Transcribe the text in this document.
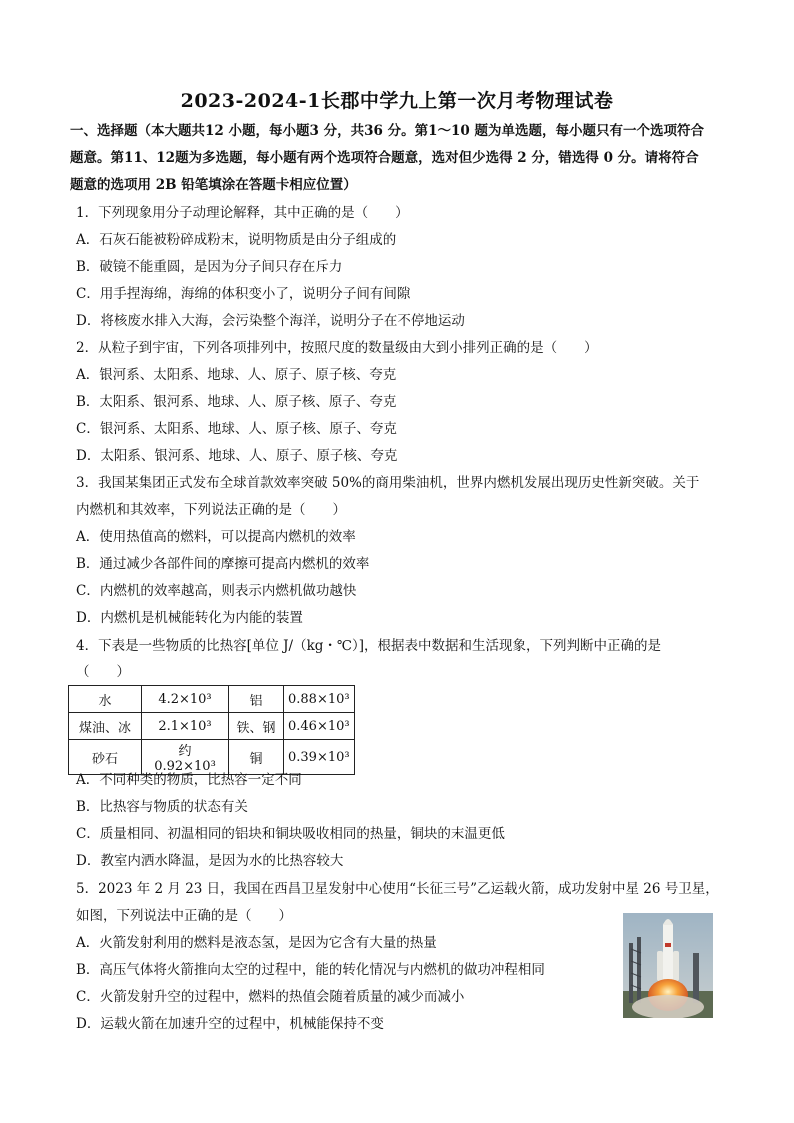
2023-2024-1长郡中学九上第一次月考物理试卷
一、选择题（本大题共12 小题，每小题3 分，共36 分。第1～10 题为单选题，每小题只有一个选项符合
题意。第11、12题为多选题，每小题有两个选项符合题意，选对但少选得 2 分，错选得 0 分。请将符合
题意的选项用 2B 铅笔填涂在答题卡相应位置）
1．下列现象用分子动理论解释，其中正确的是（　　）
A．石灰石能被粉碎成粉末，说明物质是由分子组成的
B．破镜不能重圆，是因为分子间只存在斥力
C．用手捏海绵，海绵的体积变小了，说明分子间有间隙
D．将核废水排入大海，会污染整个海洋，说明分子在不停地运动
2．从粒子到宇宙，下列各项排列中，按照尺度的数量级由大到小排列正确的是（　　）
A．银河系、太阳系、地球、人、原子、原子核、夸克
B．太阳系、银河系、地球、人、原子核、原子、夸克
C．银河系、太阳系、地球、人、原子核、原子、夸克
D．太阳系、银河系、地球、人、原子、原子核、夸克
3．我国某集团正式发布全球首款效率突破 50%的商用柴油机，世界内燃机发展出现历史性新突破。关于
内燃机和其效率，下列说法正确的是（　　）
A．使用热值高的燃料，可以提高内燃机的效率
B．通过减少各部件间的摩擦可提高内燃机的效率
C．内燃机的效率越高，则表示内燃机做功越快
D．内燃机是机械能转化为内能的装置
4．下表是一些物质的比热容[单位 J/（kg・℃）]，根据表中数据和生活现象，下列判断中正确的是
（　　）
水	4.2×10³	铝	0.88×10³
煤油、冰	2.1×10³	铁、钢	0.46×10³
砂石	约 0.92×10³	铜	0.39×10³
A．不同种类的物质，比热容一定不同
B．比热容与物质的状态有关
C．质量相同、初温相同的铝块和铜块吸收相同的热量，铜块的末温更低
D．教室内洒水降温，是因为水的比热容较大
5．2023 年 2 月 23 日，我国在西昌卫星发射中心使用“长征三号”乙运载火箭，成功发射中星 26 号卫星，
如图，下列说法中正确的是（　　）
A．火箭发射利用的燃料是液态氢，是因为它含有大量的热量
B．高压气体将火箭推向太空的过程中，能的转化情况与内燃机的做功冲程相同
C．火箭发射升空的过程中，燃料的热值会随着质量的减少而减小
D．运载火箭在加速升空的过程中，机械能保持不变
